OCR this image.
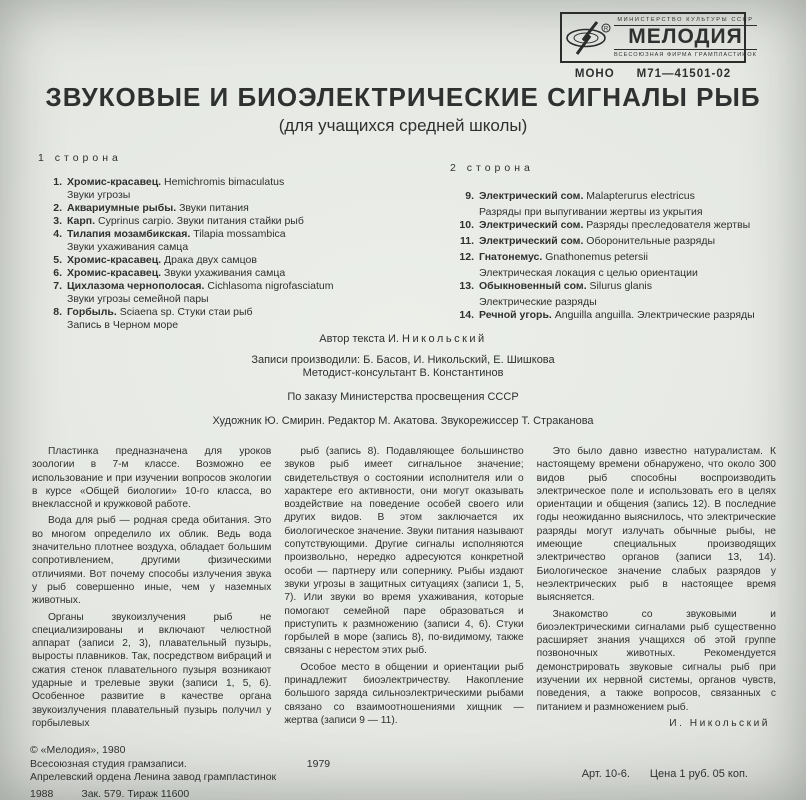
R
МИНИСТЕРСТВО КУЛЬТУРЫ СССР
МЕЛОДИЯ
ВСЕСОЮЗНАЯ ФИРМА ГРАМПЛАСТИНОК
МОНО М71—41501-02
ЗВУКОВЫЕ И БИОЭЛЕКТРИЧЕСКИЕ СИГНАЛЫ РЫБ
(для учащихся средней школы)
1 сторона
1. Хромис-красавец. Hemichromis bimaculatus
Звуки угрозы
2. Аквариумные рыбы. Звуки питания
3. Карп. Cyprinus carpio. Звуки питания стайки рыб
4. Тилапия мозамбикская. Tilapia mossambica
Звуки ухаживания самца
5. Хромис-красавец. Драка двух самцов
6. Хромис-красавец. Звуки ухаживания самца
7. Цихлазома чернополосая. Cichlasoma nigrofasciatum
Звуки угрозы семейной пары
8. Горбыль. Sciaena sp. Стуки стаи рыб
Запись в Черном море
2 сторона
9. Электрический сом. Malapterurus electricus
Разряды при выпугивании жертвы из укрытия
10. Электрический сом. Разряды преследователя жертвы
11. Электрический сом. Оборонительные разряды
12. Гнатонемус. Gnathonemus petersii
Электрическая локация с целью ориентации
13. Обыкновенный сом. Silurus glanis
Электрические разряды
14. Речной угорь. Anguilla anguilla. Электрические разряды
Автор текста И. Никольский
Записи производили: Б. Басов, И. Никольский, Е. Шишкова
Методист-консультант В. Константинов
По заказу Министерства просвещения СССР
Художник Ю. Смирин. Редактор М. Акатова. Звукорежиссер Т. Страканова

Пластинка предназначена для уроков зоологии в 7-м классе. Возможно ее использование и при изучении вопросов экологии в курсе «Общей биологии» 10-го класса, во внеклассной и кружковой работе.

Вода для рыб — родная среда обитания. Это во многом определило их облик. Ведь вода значительно плотнее воздуха, обладает большим сопротивлением, другими физическими отличиями. Вот почему способы излучения звука у рыб совершенно иные, чем у наземных животных.

Органы звукоизлучения рыб не специализированы и включают челюстной аппарат (записи 2, 3), плавательный пузырь, выросты плавников. Так, посредством вибраций и сжатия стенок плавательного пузыря возникают ударные и трелевые звуки (записи 1, 5, 6). Особенное развитие в качестве органа звукоизлучения плавательный пузырь получил у горбылевых

рыб (запись 8). Подавляющее большинство звуков рыб имеет сигнальное значение; свидетельствуя о состоянии исполнителя или о характере его активности, они могут оказывать воздействие на поведение особей своего или других видов. В этом заключается их биологическое значение. Звуки питания называют сопутствующими. Другие сигналы исполняются произвольно, нередко адресуются конкретной особи — партнеру или сопернику. Рыбы издают звуки угрозы в защитных ситуациях (записи 1, 5, 7). Или звуки во время ухаживания, которые помогают семейной паре образоваться и приступить к размножению (записи 4, 6). Стуки горбылей в море (запись 8), по-видимому, также связаны с нерестом этих рыб.

Особое место в общении и ориентации рыб принадлежит биоэлектричеству. Накопление большого заряда сильноэлектрическими рыбами связано со взаимоотношениями хищник — жертва (записи 9 — 11).

Это было давно известно натуралистам. К настоящему времени обнаружено, что около 300 видов рыб способны воспроизводить электрическое поле и использовать его в целях ориентации и общения (запись 12). В последние годы неожиданно выяснилось, что электрические разряды могут излучать обычные рыбы, не имеющие специальных производящих электричество органов (записи 13, 14). Биологическое значение слабых разрядов у неэлектрических рыб в настоящее время выясняется.

Знакомство со звуковыми и биоэлектрическими сигналами рыб существенно расширяет знания учащихся об этой группе позвоночных животных. Рекомендуется демонстрировать звуковые сигналы рыб при изучении их нервной системы, органов чувств, поведения, а также вопросов, связанных с питанием и размножением рыб.

И. Никольский
© «Мелодия», 1980
Всесоюзная студия грамзаписи.	1979
Апрелевский ордена Ленина завод грампластинок
1988	Зак. 579. Тираж 11600
Арт. 10-6. Цена 1 руб. 05 коп.
